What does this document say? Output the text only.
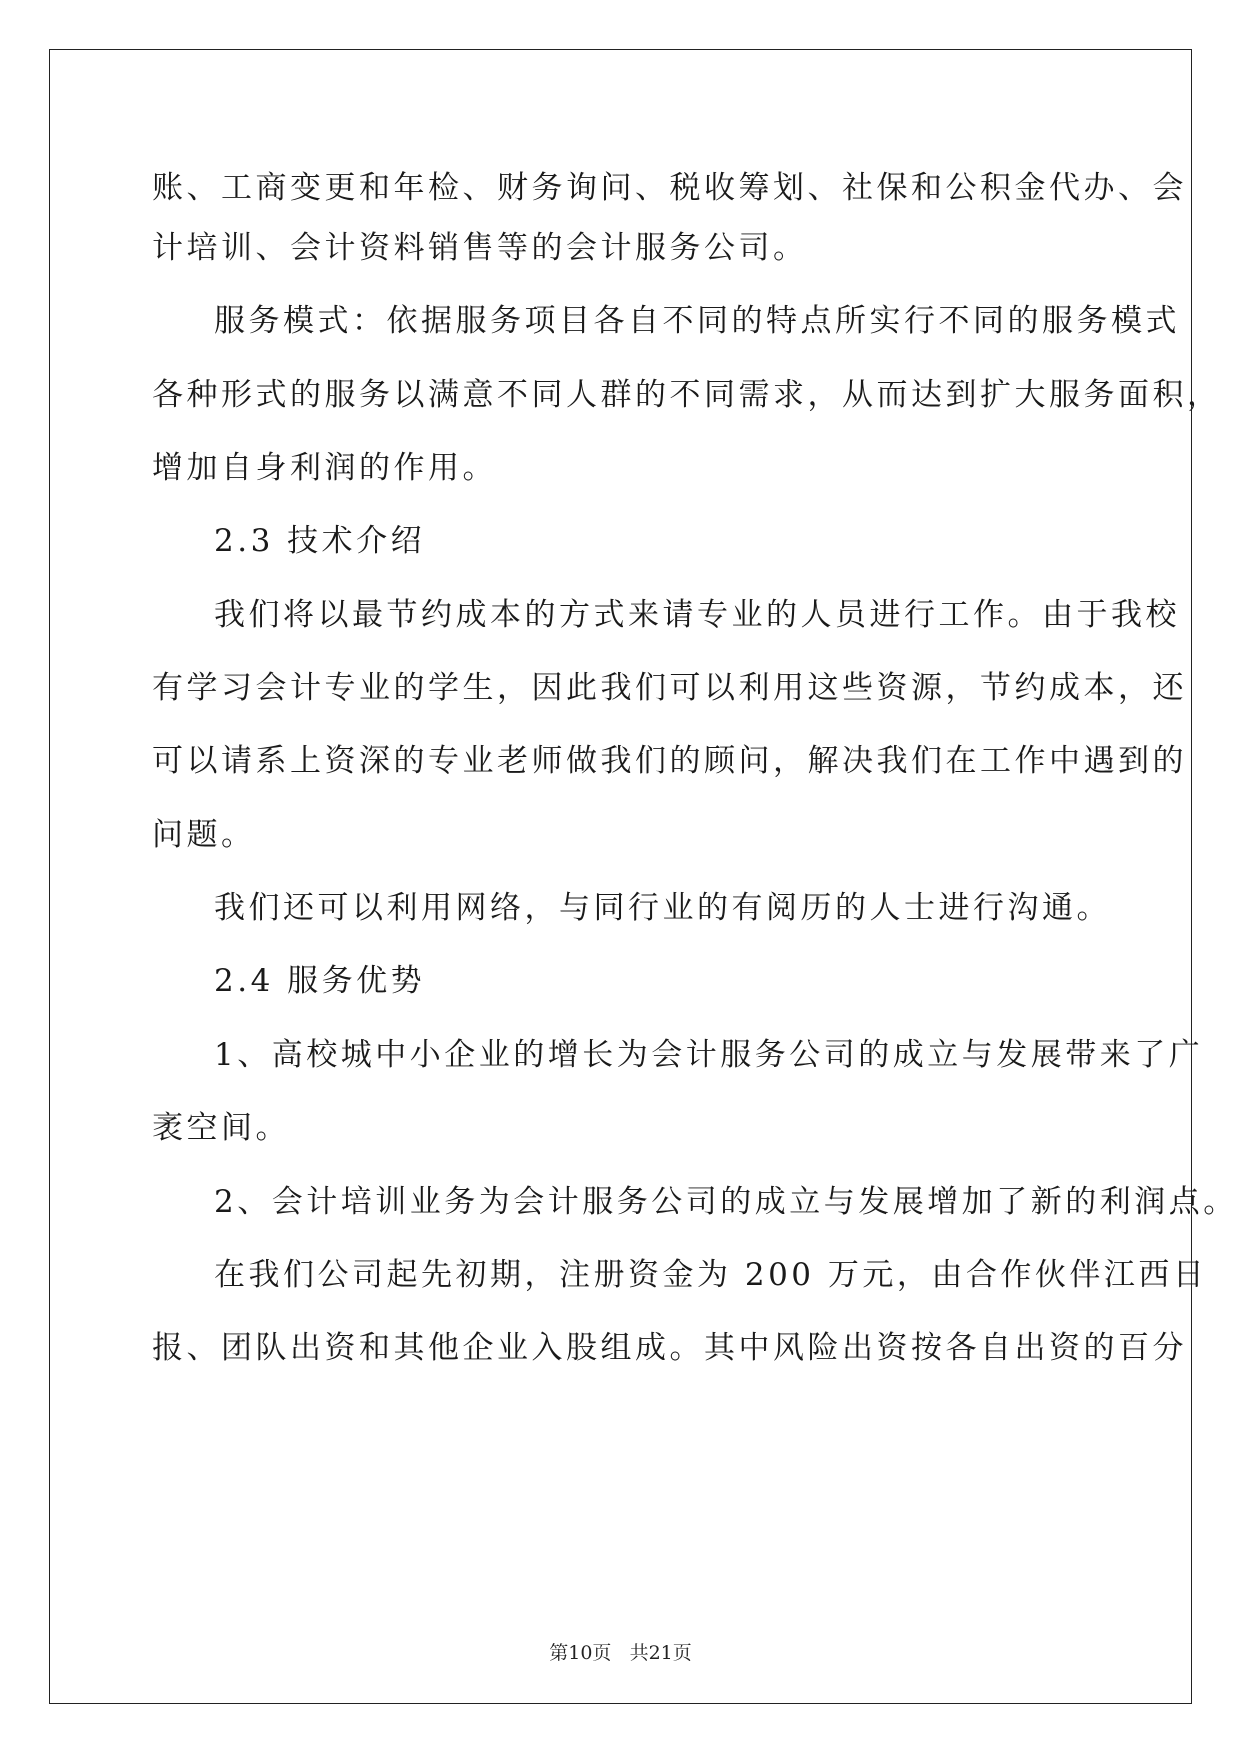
账、工商变更和年检、财务询问、税收筹划、社保和公积金代办、会

计培训、会计资料销售等的会计服务公司。

服务模式：依据服务项目各自不同的特点所实行不同的服务模式

各种形式的服务以满意不同人群的不同需求，从而达到扩大服务面积，

增加自身利润的作用。

2.3 技术介绍

我们将以最节约成本的方式来请专业的人员进行工作。由于我校

有学习会计专业的学生，因此我们可以利用这些资源，节约成本，还

可以请系上资深的专业老师做我们的顾问，解决我们在工作中遇到的

问题。

我们还可以利用网络，与同行业的有阅历的人士进行沟通。

2.4 服务优势

1、高校城中小企业的增长为会计服务公司的成立与发展带来了广

袤空间。

2、会计培训业务为会计服务公司的成立与发展增加了新的利润点。

在我们公司起先初期，注册资金为 200 万元，由合作伙伴江西日

报、团队出资和其他企业入股组成。其中风险出资按各自出资的百分

第10页 共21页
